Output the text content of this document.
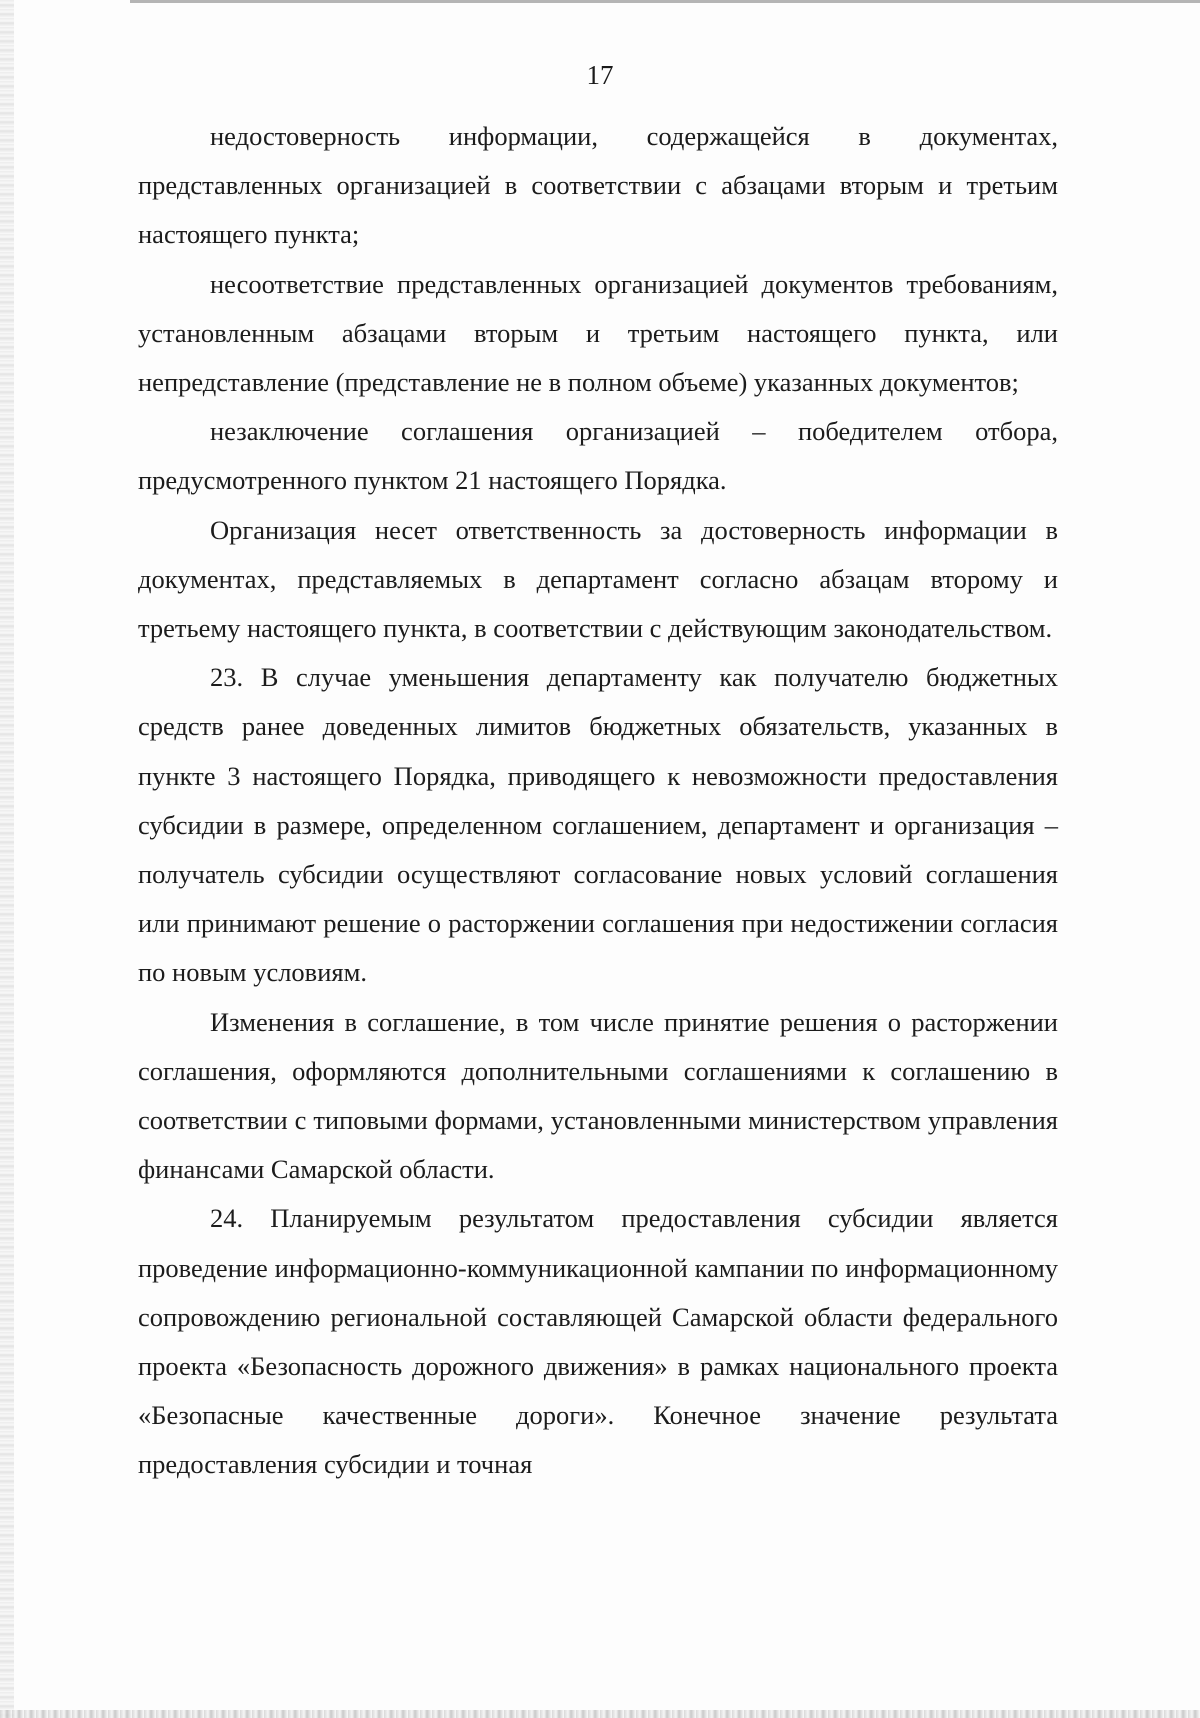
17

недостоверность информации, содержащейся в документах, представленных организацией в соответствии с абзацами вторым и третьим настоящего пункта;

несоответствие представленных организацией документов требованиям, установленным абзацами вторым и третьим настоящего пункта, или непредставление (представление не в полном объеме) указанных документов;

незаключение соглашения организацией – победителем отбора, предусмотренного пунктом 21 настоящего Порядка.

Организация несет ответственность за достоверность информации в документах, представляемых в департамент согласно абзацам второму и третьему настоящего пункта, в соответствии с действующим законодательством.

23. В случае уменьшения департаменту как получателю бюджетных средств ранее доведенных лимитов бюджетных обязательств, указанных в пункте 3 настоящего Порядка, приводящего к невозможности предоставления субсидии в размере, определенном соглашением, департамент и организация – получатель субсидии осуществляют согласование новых условий соглашения или принимают решение о расторжении соглашения при недостижении согласия по новым условиям.

Изменения в соглашение, в том числе принятие решения о расторжении соглашения, оформляются дополнительными соглашениями к соглашению в соответствии с типовыми формами, установленными министерством управления финансами Самарской области.

24. Планируемым результатом предоставления субсидии является проведение информационно-коммуникационной кампании по информационному сопровождению региональной составляющей Самарской области федерального проекта «Безопасность дорожного движения» в рамках национального проекта «Безопасные качественные дороги». Конечное значение результата предоставления субсидии и точная
